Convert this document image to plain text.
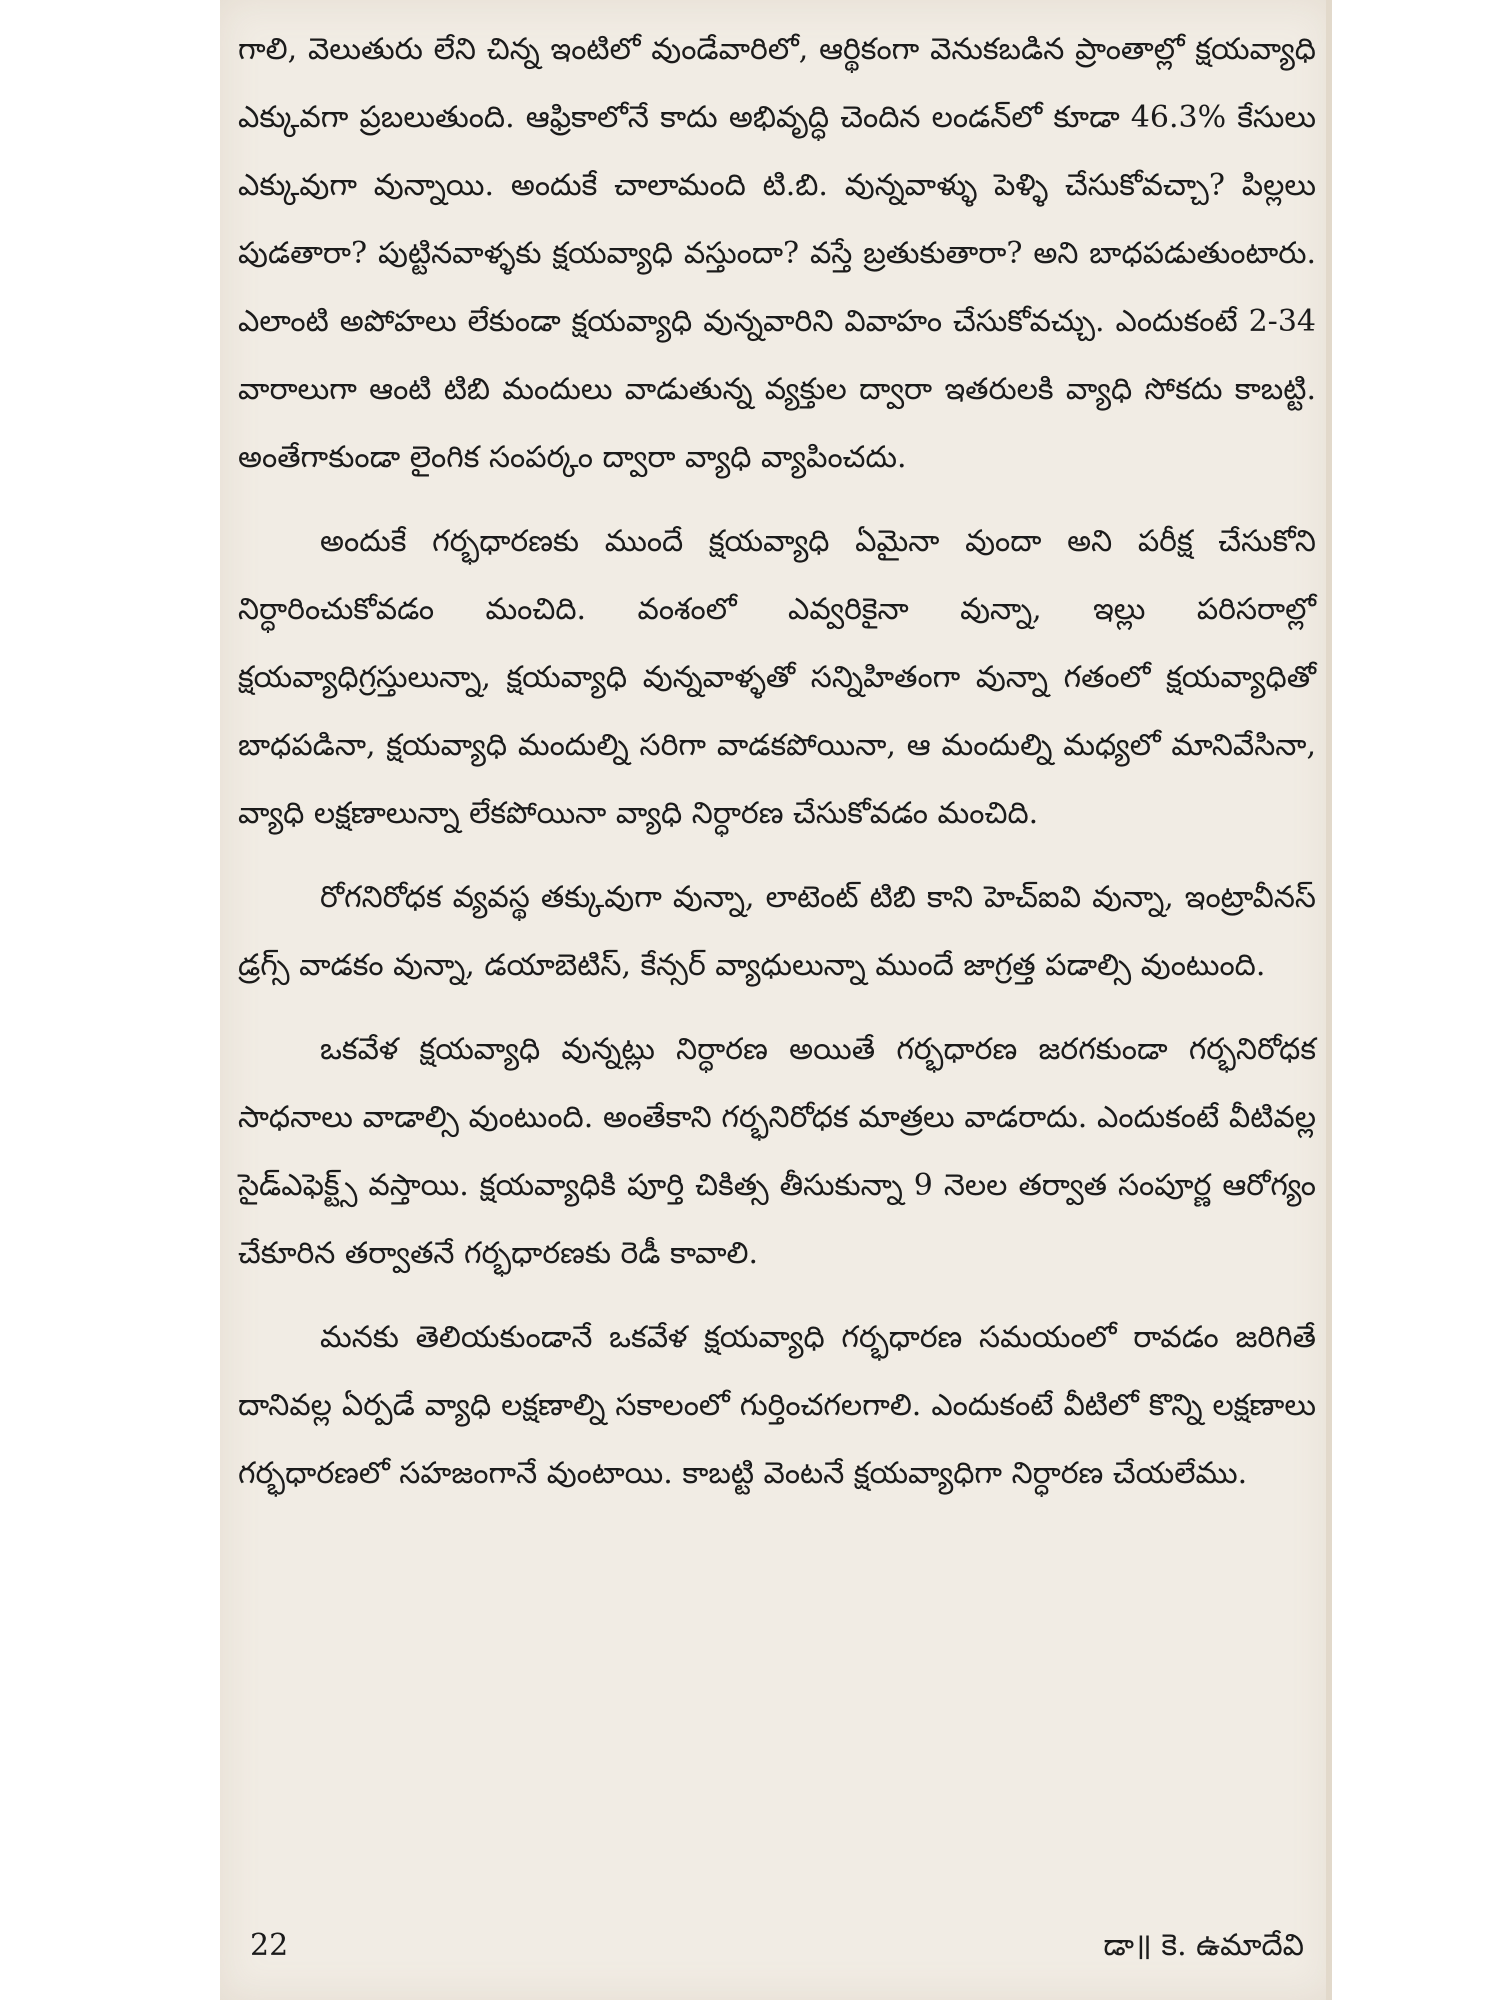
గాలి, వెలుతురు లేని చిన్న ఇంటిలో వుండేవారిలో, ఆర్థికంగా వెనుకబడిన ప్రాంతాల్లో క్షయవ్యాధి ఎక్కువగా ప్రబలుతుంది. ఆఫ్రికాలోనే కాదు అభివృద్ధి చెందిన లండన్‌లో కూడా 46.3% కేసులు ఎక్కువుగా వున్నాయి. అందుకే చాలామంది టి.బి. వున్నవాళ్ళు పెళ్ళి చేసుకోవచ్చా? పిల్లలు పుడతారా? పుట్టినవాళ్ళకు క్షయవ్యాధి వస్తుందా? వస్తే బ్రతుకుతారా? అని బాధపడుతుంటారు. ఎలాంటి అపోహలు లేకుండా క్షయవ్యాధి వున్నవారిని వివాహం చేసుకోవచ్చు. ఎందుకంటే 2-34 వారాలుగా ఆంటి టిబి మందులు వాడుతున్న వ్యక్తుల ద్వారా ఇతరులకి వ్యాధి సోకదు కాబట్టి. అంతేగాకుండా లైంగిక సంపర్కం ద్వారా వ్యాధి వ్యాపించదు.

అందుకే గర్భధారణకు ముందే క్షయవ్యాధి ఏమైనా వుందా అని పరీక్ష చేసుకోని నిర్ధారించుకోవడం మంచిది. వంశంలో ఎవ్వరికైనా వున్నా, ఇల్లు పరిసరాల్లో క్షయవ్యాధిగ్రస్తులున్నా, క్షయవ్యాధి వున్నవాళ్ళతో సన్నిహితంగా వున్నా గతంలో క్షయవ్యాధితో బాధపడినా, క్షయవ్యాధి మందుల్ని సరిగా వాడకపోయినా, ఆ మందుల్ని మధ్యలో మానివేసినా, వ్యాధి లక్షణాలున్నా లేకపోయినా వ్యాధి నిర్ధారణ చేసుకోవడం మంచిది.

రోగనిరోధక వ్యవస్థ తక్కువుగా వున్నా, లాటెంట్ టిబి కాని హెచ్ఐవి వున్నా, ఇంట్రావీనస్ డ్రగ్స్ వాడకం వున్నా, డయాబెటిస్, కేన్సర్ వ్యాధులున్నా ముందే జాగ్రత్త పడాల్సి వుంటుంది.

ఒకవేళ క్షయవ్యాధి వున్నట్లు నిర్ధారణ అయితే గర్భధారణ జరగకుండా గర్భనిరోధక సాధనాలు వాడాల్సి వుంటుంది. అంతేకాని గర్భనిరోధక మాత్రలు వాడరాదు. ఎందుకంటే వీటివల్ల సైడ్ఎఫెక్ట్స్ వస్తాయి. క్షయవ్యాధికి పూర్తి చికిత్స తీసుకున్నా 9 నెలల తర్వాత సంపూర్ణ ఆరోగ్యం చేకూరిన తర్వాతనే గర్భధారణకు రెడీ కావాలి.

మనకు తెలియకుండానే ఒకవేళ క్షయవ్యాధి గర్భధారణ సమయంలో రావడం జరిగితే దానివల్ల ఏర్పడే వ్యాధి లక్షణాల్ని సకాలంలో గుర్తించగలగాలి. ఎందుకంటే వీటిలో కొన్ని లక్షణాలు గర్భధారణలో సహజంగానే వుంటాయి. కాబట్టి వెంటనే క్షయవ్యాధిగా నిర్ధారణ చేయలేము.

22	డా॥ కె. ఉమాదేవి
